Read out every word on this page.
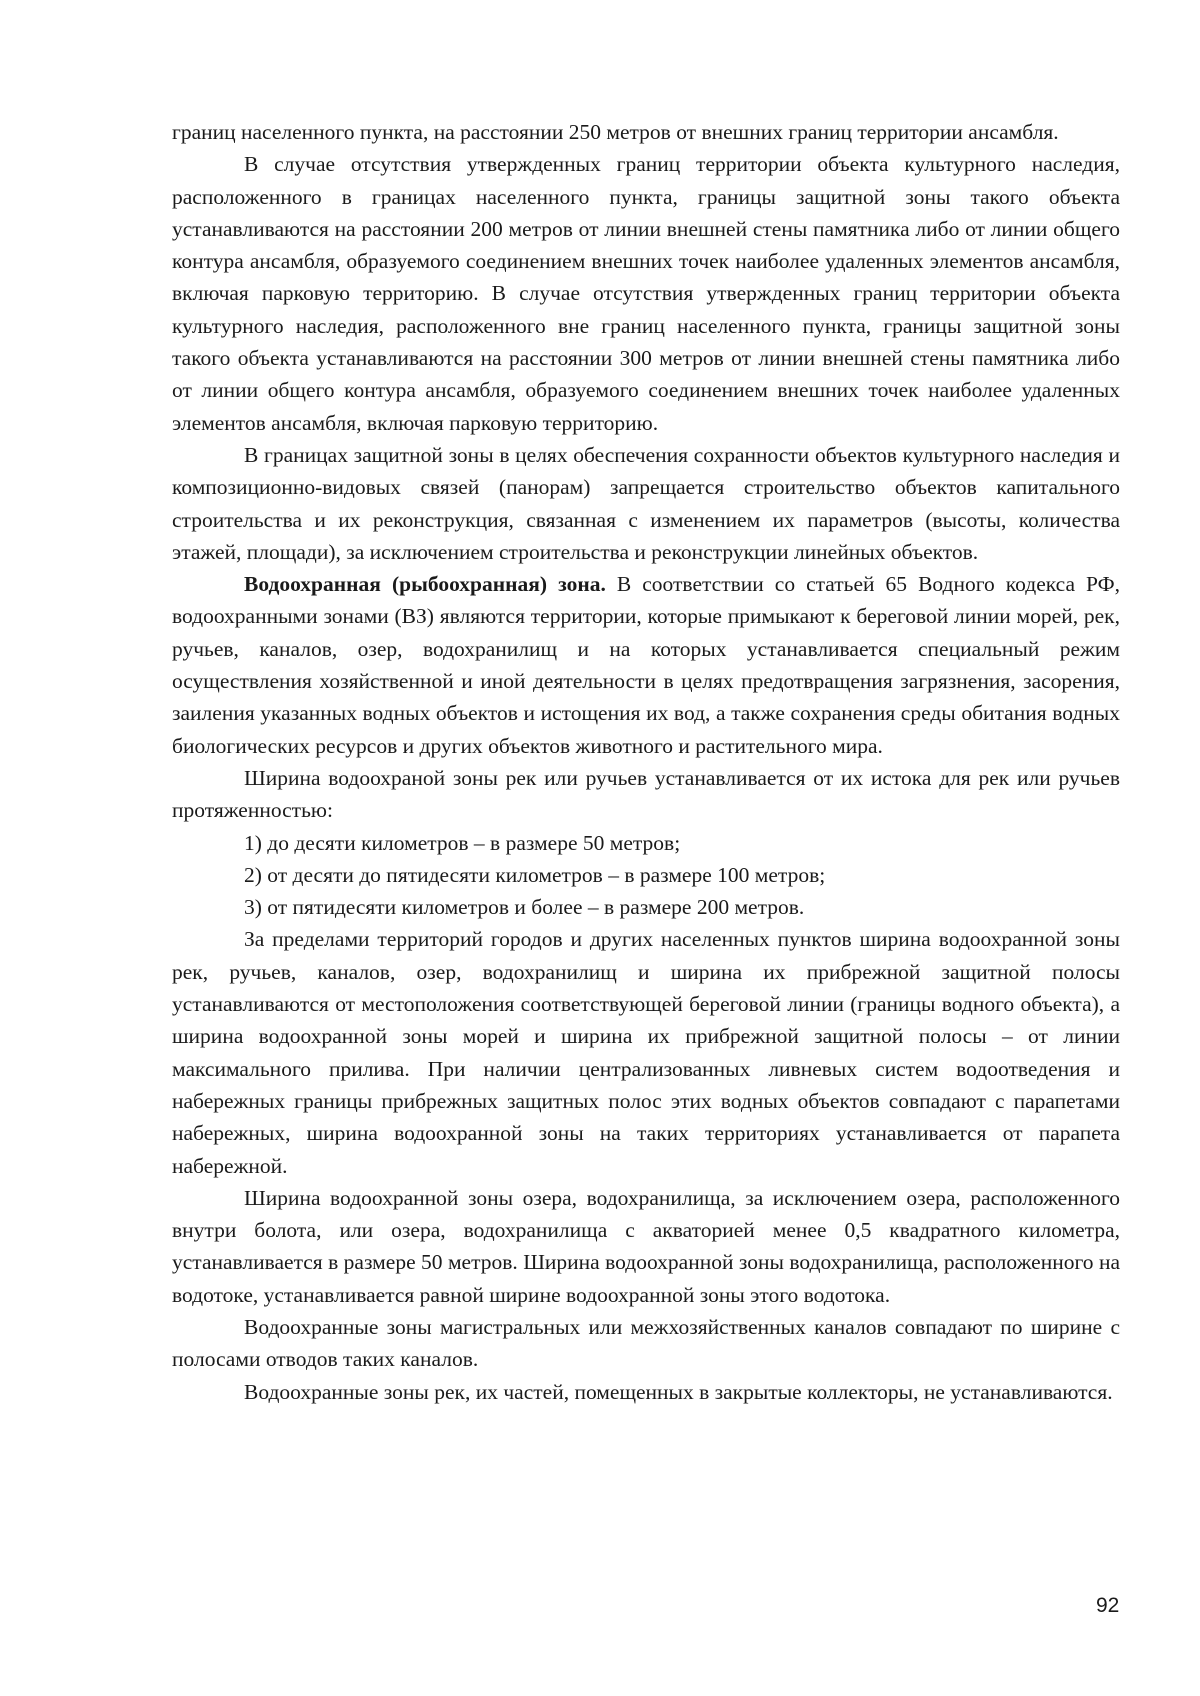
границ населенного пункта, на расстоянии 250 метров от внешних границ территории ансамбля.

В случае отсутствия утвержденных границ территории объекта культурного наследия, расположенного в границах населенного пункта, границы защитной зоны такого объекта устанавливаются на расстоянии 200 метров от линии внешней стены памятника либо от линии общего контура ансамбля, образуемого соединением внешних точек наиболее удаленных элементов ансамбля, включая парковую территорию. В случае отсутствия утвержденных границ территории объекта культурного наследия, расположенного вне границ населенного пункта, границы защитной зоны такого объекта устанавливаются на расстоянии 300 метров от линии внешней стены памятника либо от линии общего контура ансамбля, образуемого соединением внешних точек наиболее удаленных элементов ансамбля, включая парковую территорию.

В границах защитной зоны в целях обеспечения сохранности объектов культурного наследия и композиционно-видовых связей (панорам) запрещается строительство объектов капитального строительства и их реконструкция, связанная с изменением их параметров (высоты, количества этажей, площади), за исключением строительства и реконструкции линейных объектов.

Водоохранная (рыбоохранная) зона. В соответствии со статьей 65 Водного кодекса РФ, водоохранными зонами (ВЗ) являются территории, которые примыкают к береговой линии морей, рек, ручьев, каналов, озер, водохранилищ и на которых устанавливается специальный режим осуществления хозяйственной и иной деятельности в целях предотвращения загрязнения, засорения, заиления указанных водных объектов и истощения их вод, а также сохранения среды обитания водных биологических ресурсов и других объектов животного и растительного мира.

Ширина водоохраной зоны рек или ручьев устанавливается от их истока для рек или ручьев протяженностью:

1) до десяти километров – в размере 50 метров;

2) от десяти до пятидесяти километров – в размере 100 метров;

3) от пятидесяти километров и более – в размере 200 метров.

За пределами территорий городов и других населенных пунктов ширина водоохранной зоны рек, ручьев, каналов, озер, водохранилищ и ширина их прибрежной защитной полосы устанавливаются от местоположения соответствующей береговой линии (границы водного объекта), а ширина водоохранной зоны морей и ширина их прибрежной защитной полосы – от линии максимального прилива. При наличии централизованных ливневых систем водоотведения и набережных границы прибрежных защитных полос этих водных объектов совпадают с парапетами набережных, ширина водоохранной зоны на таких территориях устанавливается от парапета набережной.

Ширина водоохранной зоны озера, водохранилища, за исключением озера, расположенного внутри болота, или озера, водохранилища с акваторией менее 0,5 квадратного километра, устанавливается в размере 50 метров. Ширина водоохранной зоны водохранилища, расположенного на водотоке, устанавливается равной ширине водоохранной зоны этого водотока.

Водоохранные зоны магистральных или межхозяйственных каналов совпадают по ширине с полосами отводов таких каналов.

Водоохранные зоны рек, их частей, помещенных в закрытые коллекторы, не устанавливаются.

92
